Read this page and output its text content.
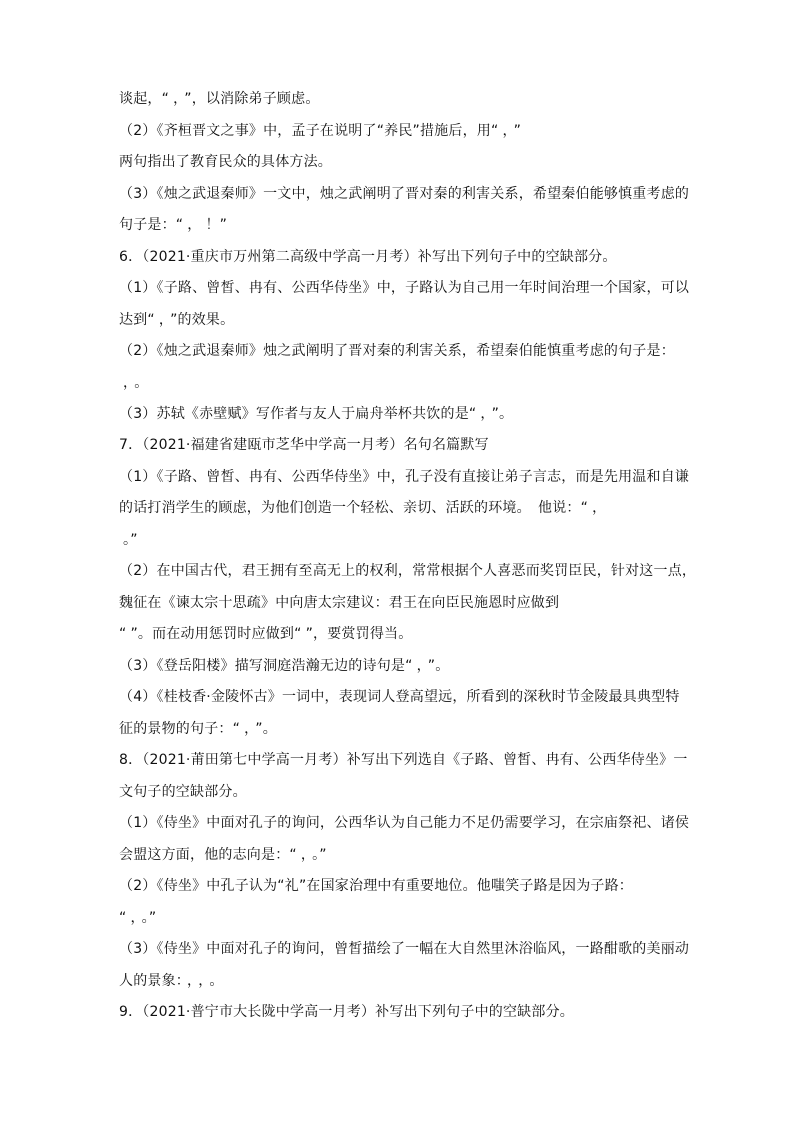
谈起，“ ， ”，以消除弟子顾虑。
（2）《齐桓晋文之事》中，孟子在说明了“养民”措施后，用“ ， ”
两句指出了教育民众的具体方法。
（3）《烛之武退秦师》一文中，烛之武阐明了晋对秦的利害关系，希望秦伯能够慎重考虑的
句子是：“ ， ！”
6．（2021·重庆市万州第二高级中学高一月考）补写出下列句子中的空缺部分。
（1）《子路、曾皙、冉有、公西华侍坐》中，子路认为自己用一年时间治理一个国家，可以
达到“ ， ”的效果。
（2）《烛之武退秦师》烛之武阐明了晋对秦的利害关系，希望秦伯能慎重考虑的句子是：
， 。
（3）苏轼《赤壁赋》写作者与友人于扁舟举杯共饮的是“ ， ”。
7．（2021·福建省建瓯市芝华中学高一月考）名句名篇默写
（1）《子路、曾皙、冉有、公西华侍坐》中，孔子没有直接让弟子言志，而是先用温和自谦
的话打消学生的顾虑，为他们创造一个轻松、亲切、活跃的环境。　他说：“ ，
。”
（2）在中国古代，君王拥有至高无上的权利，常常根据个人喜恶而奖罚臣民，针对这一点，
魏征在《谏太宗十思疏》中向唐太宗建议：君王在向臣民施恩时应做到
“ ”。而在动用惩罚时应做到“ ”，要赏罚得当。
（3）《登岳阳楼》描写洞庭浩瀚无边的诗句是“ ， ”。
（4）《桂枝香·金陵怀古》一词中，表现词人登高望远，所看到的深秋时节金陵最具典型特
征的景物的句子：“ ， ”。
8．（2021·莆田第七中学高一月考）补写出下列选自《子路、曾皙、冉有、公西华侍坐》一
文句子的空缺部分。
（1）《侍坐》中面对孔子的询问，公西华认为自己能力不足仍需要学习，在宗庙祭祀、诸侯
会盟这方面，他的志向是：“ ， 。”
（2）《侍坐》中孔子认为“礼”在国家治理中有重要地位。他嗤笑子路是因为子路：
“ ， 。”
（3）《侍坐》中面对孔子的询问，曾皙描绘了一幅在大自然里沐浴临风，一路酣歌的美丽动
人的景象： ， ， 。
9．（2021·普宁市大长陇中学高一月考）补写出下列句子中的空缺部分。
